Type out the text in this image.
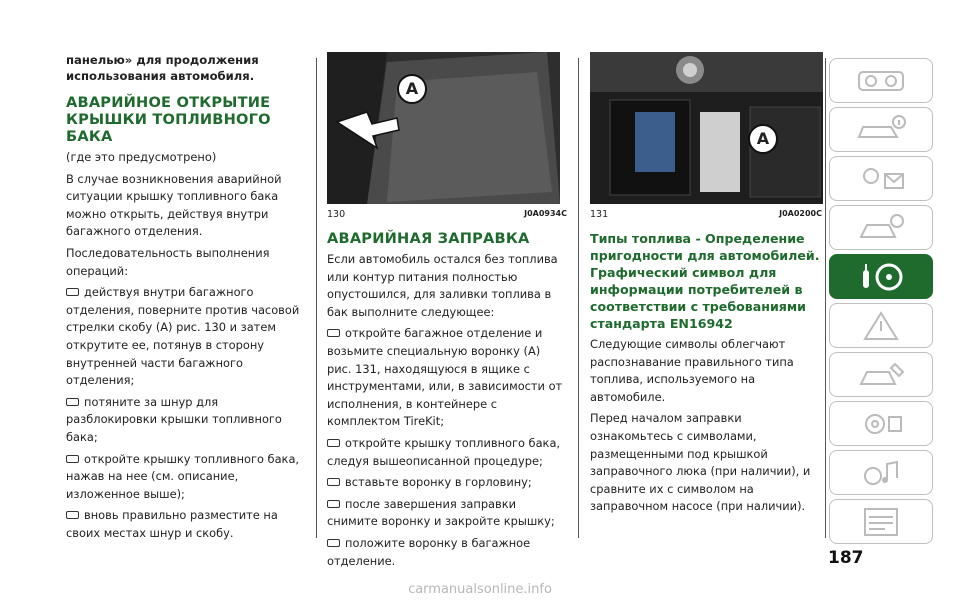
панелью» для продолжения использования автомобиля.

АВАРИЙНОЕ ОТКРЫТИЕ КРЫШКИ ТОПЛИВНОГО БАКА

(где это предусмотрено)

В случае возникновения аварийной ситуации крышку топливного бака можно открыть, действуя внутри багажного отделения.

Последовательность выполнения операций:

действуя внутри багажного отделения, поверните против часовой стрелки скобу (A) рис. 130 и затем открутите ее, потянув в сторону внутренней части багажного отделения;

потяните за шнур для разблокировки крышки топливного бака;

откройте крышку топливного бака, нажав на нее (см. описание, изложенное выше);

вновь правильно разместите на своих местах шнур и скобу.

A
130	J0A0934C
АВАРИЙНАЯ ЗАПРАВКА

Если автомобиль остался без топлива или контур питания полностью опустошился, для заливки топлива в бак выполните следующее:

откройте багажное отделение и возьмите специальную воронку (A) рис. 131, находящуюся в ящике с инструментами, или, в зависимости от исполнения, в контейнере с комплектом TireKit;

откройте крышку топливного бака, следуя вышеописанной процедуре;

вставьте воронку в горловину;

после завершения заправки снимите воронку и закройте крышку;

положите воронку в багажное отделение.

A
131	J0A0200C
Типы топлива - Определение пригодности для автомобилей. Графический символ для информации потребителей в соответствии с требованиями стандарта EN16942

Следующие символы облегчают распознавание правильного типа топлива, используемого на автомобиле.

Перед началом заправки ознакомьтесь с символами, размещенными под крышкой заправочного люка (при наличии), и сравните их с символом на заправочном насосе (при наличии).

187
carmanualsonline.info
